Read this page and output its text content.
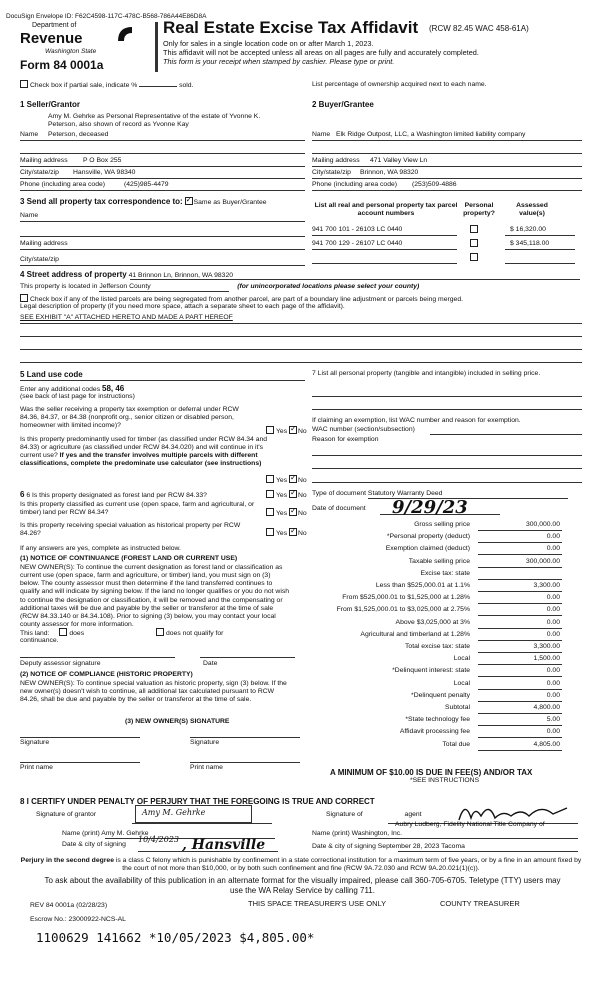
DocuSign Envelope ID: F62C4598-117C-478C-B568-786A44E86D8A
Department of
Revenue
Washington State
Form 84 0001a
Real Estate Excise Tax Affidavit (RCW 82.45 WAC 458-61A)
Only for sales in a single location code on or after March 1, 2023.
This affidavit will not be accepted unless all areas on all pages are fully and accurately completed.
This form is your receipt when stamped by cashier. Please type or print.
Check box if partial sale, indicate %	sold.	List percentage of ownership acquired next to each name.
1 Seller/Grantor
Amy M. Gehrke as Personal Representative of the estate of Yvonne K. Peterson, also shown of record as Yvonne Kay
Name Peterson, deceased
Mailing address P O Box 255
City/state/zip Hansville, WA 98340
Phone (including area code)	(425)985-4479
2 Buyer/Grantee
Name Elk Ridge Outpost, LLC, a Washington limited liability company
Mailing address 471 Valley View Ln
City/state/zip Brinnon, WA 98320
Phone (including area code) (253)509-4886
3 Send all property tax correspondence to: ✓ Same as Buyer/Grantee
Name
Mailing address
City/state/zip
List all real and personal property tax parcel account numbers
Personal property?
Assessed value(s)
941 700 101 - 26103 LC 0440	$ 16,320.00
941 700 129 - 26107 LC 0440	$ 345,118.00
4 Street address of property 41 Brinnon Ln, Brinnon, WA 98320
This property is located in Jefferson County	(for unincorporated locations please select your county)
Check box if any of the listed parcels are being segregated from another parcel, are part of a boundary line adjustment or parcels being merged.
Legal description of property (if you need more space, attach a separate sheet to each page of the affidavit).
SEE EXHIBIT "A" ATTACHED HERETO AND MADE A PART HEREOF
5 Land use code
Enter any additional codes 58, 46
(see back of last page for instructions)
Was the seller receiving a property tax exemption or deferral under RCW 84.36, 84.37, or 84.38 (nonprofit org., senior citizen or disabled person, homeowner with limited income)?
Yes ✓ No
Is this property predominantly used for timber (as classified under RCW 84.34 and 84.33) or agriculture (as classified under RCW 84.34.020) and will continue in it's current use? If yes and the transfer involves multiple parcels with different classifications, complete the predominate use calculator (see instructions)
Yes ✓ No
7 List all personal property (tangible and intangible) included in selling price.
If claiming an exemption, list WAC number and reason for exemption.
WAC number (section/subsection)
Reason for exemption
6 6 Is this property designated as forest land per RCW 84.33?	Yes ✓ No
Is this property classified as current use (open space, farm and agricultural, or timber) land per RCW 84.34?	Yes ✓ No
Is this property receiving special valuation as historical property per RCW 84.26?	Yes ✓ No
If any answers are yes, complete as instructed below.
(1) NOTICE OF CONTINUANCE (FOREST LAND OR CURRENT USE)
NEW OWNER(S): To continue the current designation as forest land or classification as current use (open space, farm and agriculture, or timber) land, you must sign on (3) below. The county assessor must then determine if the land transferred continues to qualify and will indicate by signing below. If the land no longer qualifies or you do not wish to continue the designation or classification, it will be removed and the compensating or additional taxes will be due and payable by the seller or transferor at the time of sale (RCW 84.33.140 or 84.34.108). Prior to signing (3) below, you may contact your local county assessor for more information.
This land:	does	does not qualify for
continuance.
Deputy assessor signature	Date
(2) NOTICE OF COMPLIANCE (HISTORIC PROPERTY)
NEW OWNER(S): To continue special valuation as historic property, sign (3) below. If the new owner(s) doesn't wish to continue, all additional tax calculated pursuant to RCW 84.26, shall be due and payable by the seller or transferor at the time of sale.
(3) NEW OWNER(S) SIGNATURE
Signature	Signature
Print name	Print name
Type of document Statutory Warranty Deed
Date of document 9/29/23
Gross selling price	300,000.00
*Personal property (deduct)	0.00
Exemption claimed (deduct)	0.00
Taxable selling price	300,000.00
Excise tax: state
Less than $525,000.01 at 1.1%	3,300.00
From $525,000.01 to $1,525,000 at 1.28%	0.00
From $1,525,000.01 to $3,025,000 at 2.75%	0.00
Above $3,025,000 at 3%	0.00
Agricultural and timberland at 1.28%	0.00
Total excise tax: state	3,300.00
Local	1,500.00
*Delinquent interest: state	0.00
Local	0.00
*Delinquent penalty	0.00
Subtotal	4,800.00
*State technology fee	5.00
Affidavit processing fee	0.00
Total due	4,805.00
A MINIMUM OF $10.00 IS DUE IN FEE(S) AND/OR TAX
*SEE INSTRUCTIONS
8 I CERTIFY UNDER PENALTY OF PERJURY THAT THE FOREGOING IS TRUE AND CORRECT
Signature of grantor	Amy M. Gehrke	Signature of	agent
Name (print) Amy M. Gehrke	Name (print) Washington, Inc.
Aubry Ludberg, Fidelity National Title Company of
Date & city of signing
10/4/2023 , Hansville	Date & city of signing September 28, 2023 Tacoma
Perjury in the second degree is a class C felony which is punishable by confinement in a state correctional institution for a maximum term of five years, or by a fine in an amount fixed by the court of not more than $10,000, or by both such confinement and fine (RCW 9A.72.030 and RCW 9A.20.021(1)(c)).
To ask about the availability of this publication in an alternate format for the visually impaired, please call 360-705-6705. Teletype (TTY) users may use the WA Relay Service by calling 711.
REV 84 0001a (02/28/23)	THIS SPACE TREASURER'S USE ONLY	COUNTY TREASURER
Escrow No.: 23000922-NCS-AL
1100629 141662 *10/05/2023 $4,805.00*
